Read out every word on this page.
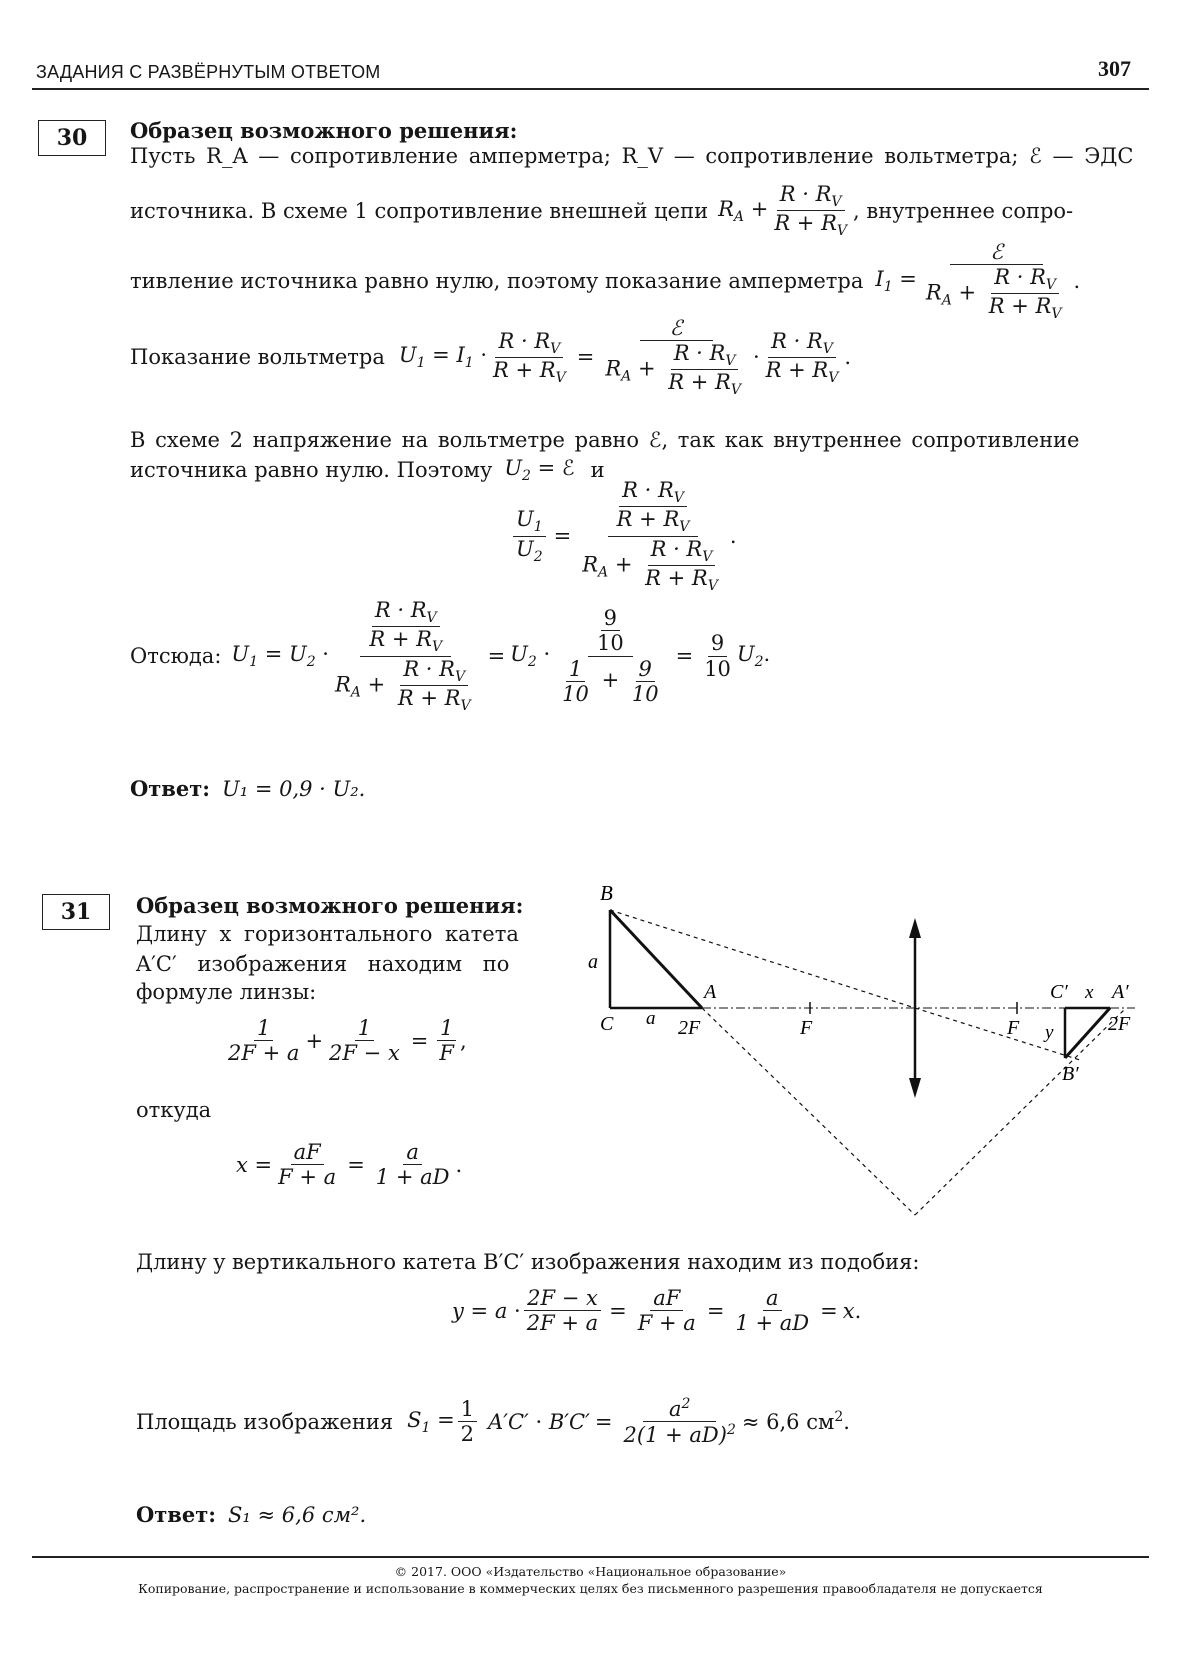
ЗАДАНИЯ С РАЗВЁРНУТЫМ ОТВЕТОМ	307
30	Образец возможного решения:
Пусть R_A — сопротивление амперметра; R_V — сопротивление вольтметра; ℰ — ЭДС
источника. В схеме 1 сопротивление внешней цепи $R_A + \frac{R \cdot R_V}{R + R_V}$ , внутреннее сопро-
тивление источника равно нулю, поэтому показание амперметра $I_1 = \frac{\text{ℰ}}{R_A + \frac{R \cdot R_V}{R + R_V}}$ .
Показание вольтметра $U_1 = I_1 \cdot \frac{R \cdot R_V}{R + R_V} = \frac{\text{ℰ}}{R_A + \frac{R \cdot R_V}{R + R_V}} \cdot \frac{R \cdot R_V}{R + R_V}$ .
В схеме 2 напряжение на вольтметре равно ℰ, так как внутреннее сопротивление
источника равно нулю. Поэтому $U_2$ = ℰ и
$\frac{U_1}{U_2} = \frac{\frac{R \cdot R_V}{R + R_V}}{R_A + \frac{R \cdot R_V}{R + R_V}}$ .
Отсюда: $U_1 = U_2 \cdot \frac{\frac{R \cdot R_V}{R + R_V}}{R_A + \frac{R \cdot R_V}{R + R_V}} = U_2 \cdot \frac{\frac{9}{10}}{\frac{1}{10} + \frac{9}{10}} = \frac{9}{10} U_2$.
Ответ: U₁ = 0,9 · U₂.
31	Образец возможного решения:
Длину x горизонтального катета
A′C′ изображения находим по
формуле линзы:
$\frac{1}{2F + a} + \frac{1}{2F - x} = \frac{1}{F}$ ,
откуда
$x = \frac{aF}{F + a} = \frac{a}{1 + aD}$ .
B
a
A
C a 2F	F	F
C′ x A′
y	2F
B′
Длину y вертикального катета B′C′ изображения находим из подобия:
$y = a \cdot \frac{2F - x}{2F + a} = \frac{aF}{F + a} = \frac{a}{1 + aD} = x$.
Площадь изображения $S_1 = \frac{1}{2} A'C' \cdot B'C' = \frac{a^2}{2(1 + aD)^2} \approx 6,6$ $см^2$.
Ответ: S₁ ≈ 6,6 см².
© 2017. ООО «Издательство «Национальное образование»
Копирование, распространение и использование в коммерческих целях без письменного разрешения правообладателя не допускается
